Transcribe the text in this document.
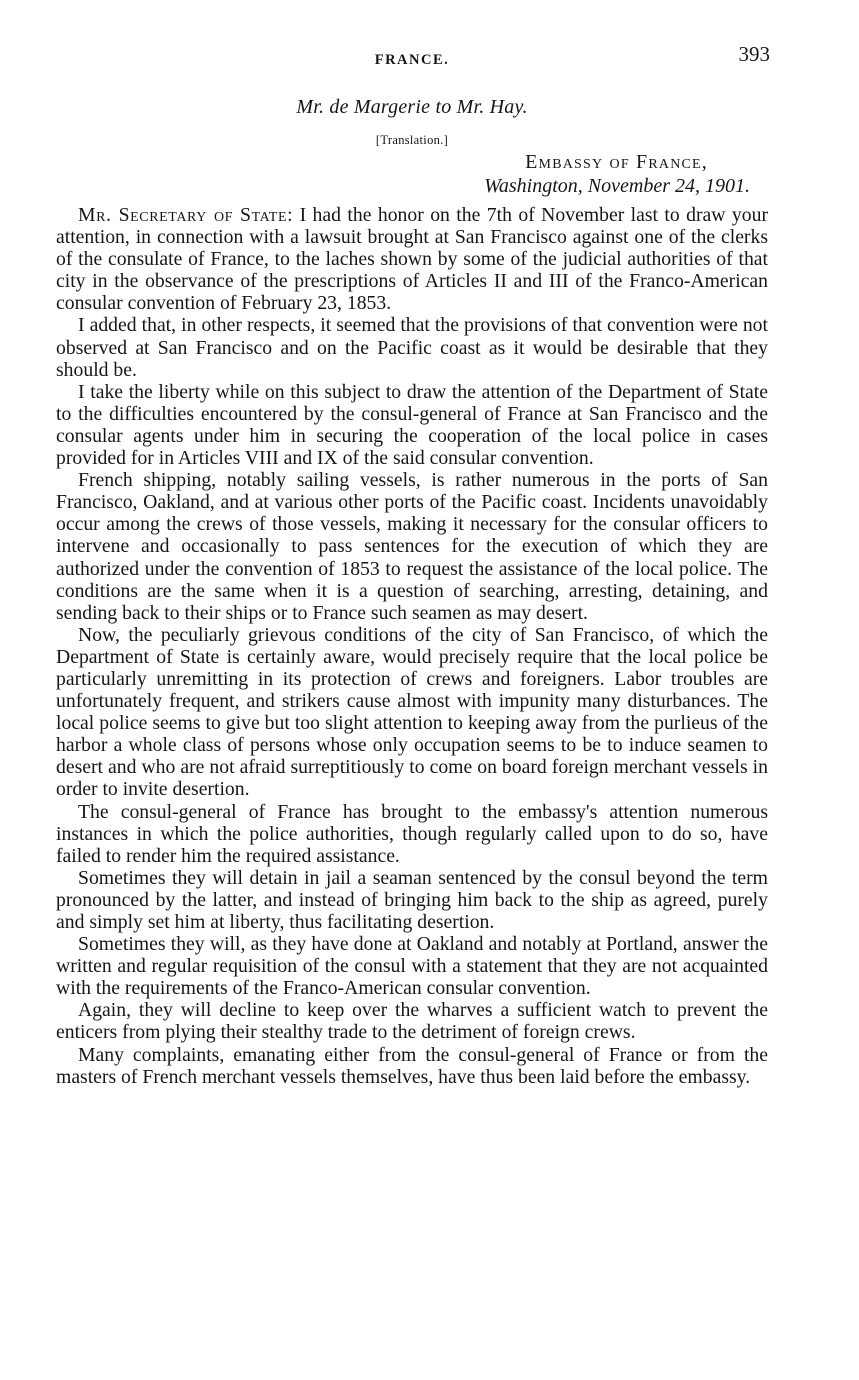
FRANCE.	393
Mr. de Margerie to Mr. Hay.
[Translation.]
Embassy of France,
Washington, November 24, 1901.

Mr. Secretary of State: I had the honor on the 7th of November last to draw your attention, in connection with a lawsuit brought at San Francisco against one of the clerks of the consulate of France, to the laches shown by some of the judicial authorities of that city in the observance of the prescriptions of Articles II and III of the Franco-American consular convention of February 23, 1853.

I added that, in other respects, it seemed that the provisions of that convention were not observed at San Francisco and on the Pacific coast as it would be desirable that they should be.

I take the liberty while on this subject to draw the attention of the Department of State to the difficulties encountered by the consul-general of France at San Francisco and the consular agents under him in securing the cooperation of the local police in cases provided for in Articles VIII and IX of the said consular convention.

French shipping, notably sailing vessels, is rather numerous in the ports of San Francisco, Oakland, and at various other ports of the Pacific coast. Incidents unavoidably occur among the crews of those vessels, making it necessary for the consular officers to intervene and occasionally to pass sentences for the execution of which they are authorized under the convention of 1853 to request the assistance of the local police. The conditions are the same when it is a question of searching, arresting, detaining, and sending back to their ships or to France such seamen as may desert.

Now, the peculiarly grievous conditions of the city of San Francisco, of which the Department of State is certainly aware, would precisely require that the local police be particularly unremitting in its protection of crews and foreigners. Labor troubles are unfortunately frequent, and strikers cause almost with impunity many disturbances. The local police seems to give but too slight attention to keeping away from the purlieus of the harbor a whole class of persons whose only occupation seems to be to induce seamen to desert and who are not afraid surreptitiously to come on board foreign merchant vessels in order to invite desertion.

The consul-general of France has brought to the embassy's attention numerous instances in which the police authorities, though regularly called upon to do so, have failed to render him the required assistance.

Sometimes they will detain in jail a seaman sentenced by the consul beyond the term pronounced by the latter, and instead of bringing him back to the ship as agreed, purely and simply set him at liberty, thus facilitating desertion.

Sometimes they will, as they have done at Oakland and notably at Portland, answer the written and regular requisition of the consul with a statement that they are not acquainted with the requirements of the Franco-American consular convention.

Again, they will decline to keep over the wharves a sufficient watch to prevent the enticers from plying their stealthy trade to the detriment of foreign crews.

Many complaints, emanating either from the consul-general of France or from the masters of French merchant vessels themselves, have thus been laid before the embassy.
